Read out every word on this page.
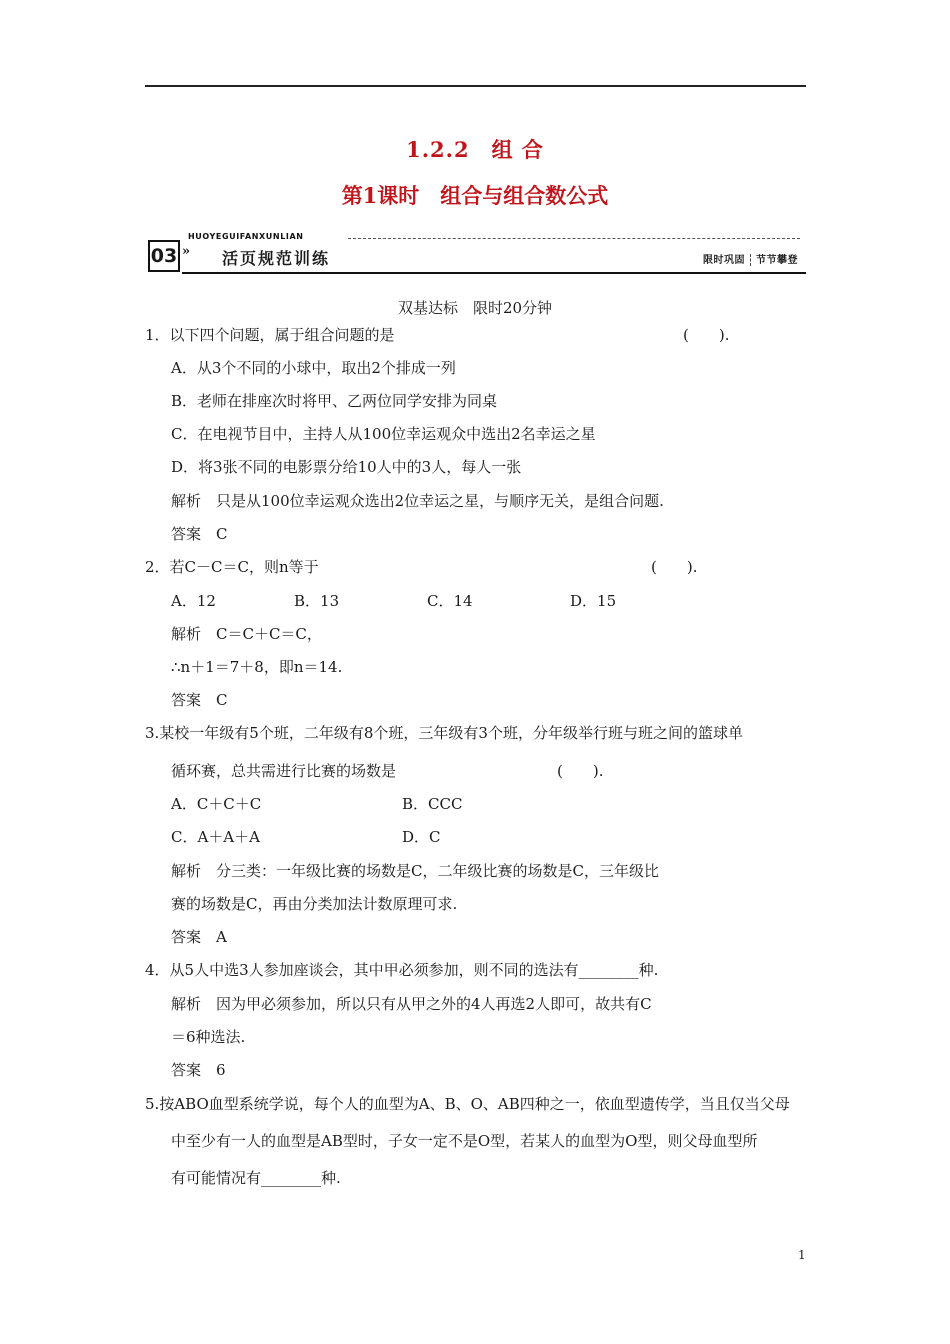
1.2.2　组 合
第1课时　组合与组合数公式
HUOYEGUIFANXUNLIAN
03 » 活页规范训练	限时巩固 节节攀登
双基达标　限时20分钟
1．以下四个问题，属于组合问题的是	(　　).
A．从3个不同的小球中，取出2个排成一列
B．老师在排座次时将甲、乙两位同学安排为同桌
C．在电视节目中，主持人从100位幸运观众中选出2名幸运之星
D．将3张不同的电影票分给10人中的3人，每人一张
解析　只是从100位幸运观众选出2位幸运之星，与顺序无关，是组合问题.
答案　C
2．若C－C＝C，则n等于	(　　).
A．12	B．13	C．14	D．15
解析　C＝C＋C＝C，
∴n＋1＝7＋8，即n＝14.
答案　C
3.某校一年级有5个班，二年级有8个班，三年级有3个班，分年级举行班与班之间的篮球单
循环赛，总共需进行比赛的场数是	(　　).
A．C＋C＋C	B．CCC
C．A＋A＋A	D．C
解析　分三类：一年级比赛的场数是C，二年级比赛的场数是C，三年级比
赛的场数是C，再由分类加法计数原理可求.
答案　A
4．从5人中选3人参加座谈会，其中甲必须参加，则不同的选法有________种.
解析　因为甲必须参加，所以只有从甲之外的4人再选2人即可，故共有C
＝6种选法.
答案　6
5.按ABO血型系统学说，每个人的血型为A、B、O、AB四种之一，依血型遗传学，当且仅当父母
中至少有一人的血型是AB型时，子女一定不是O型，若某人的血型为O型，则父母血型所
有可能情况有________种.
1
